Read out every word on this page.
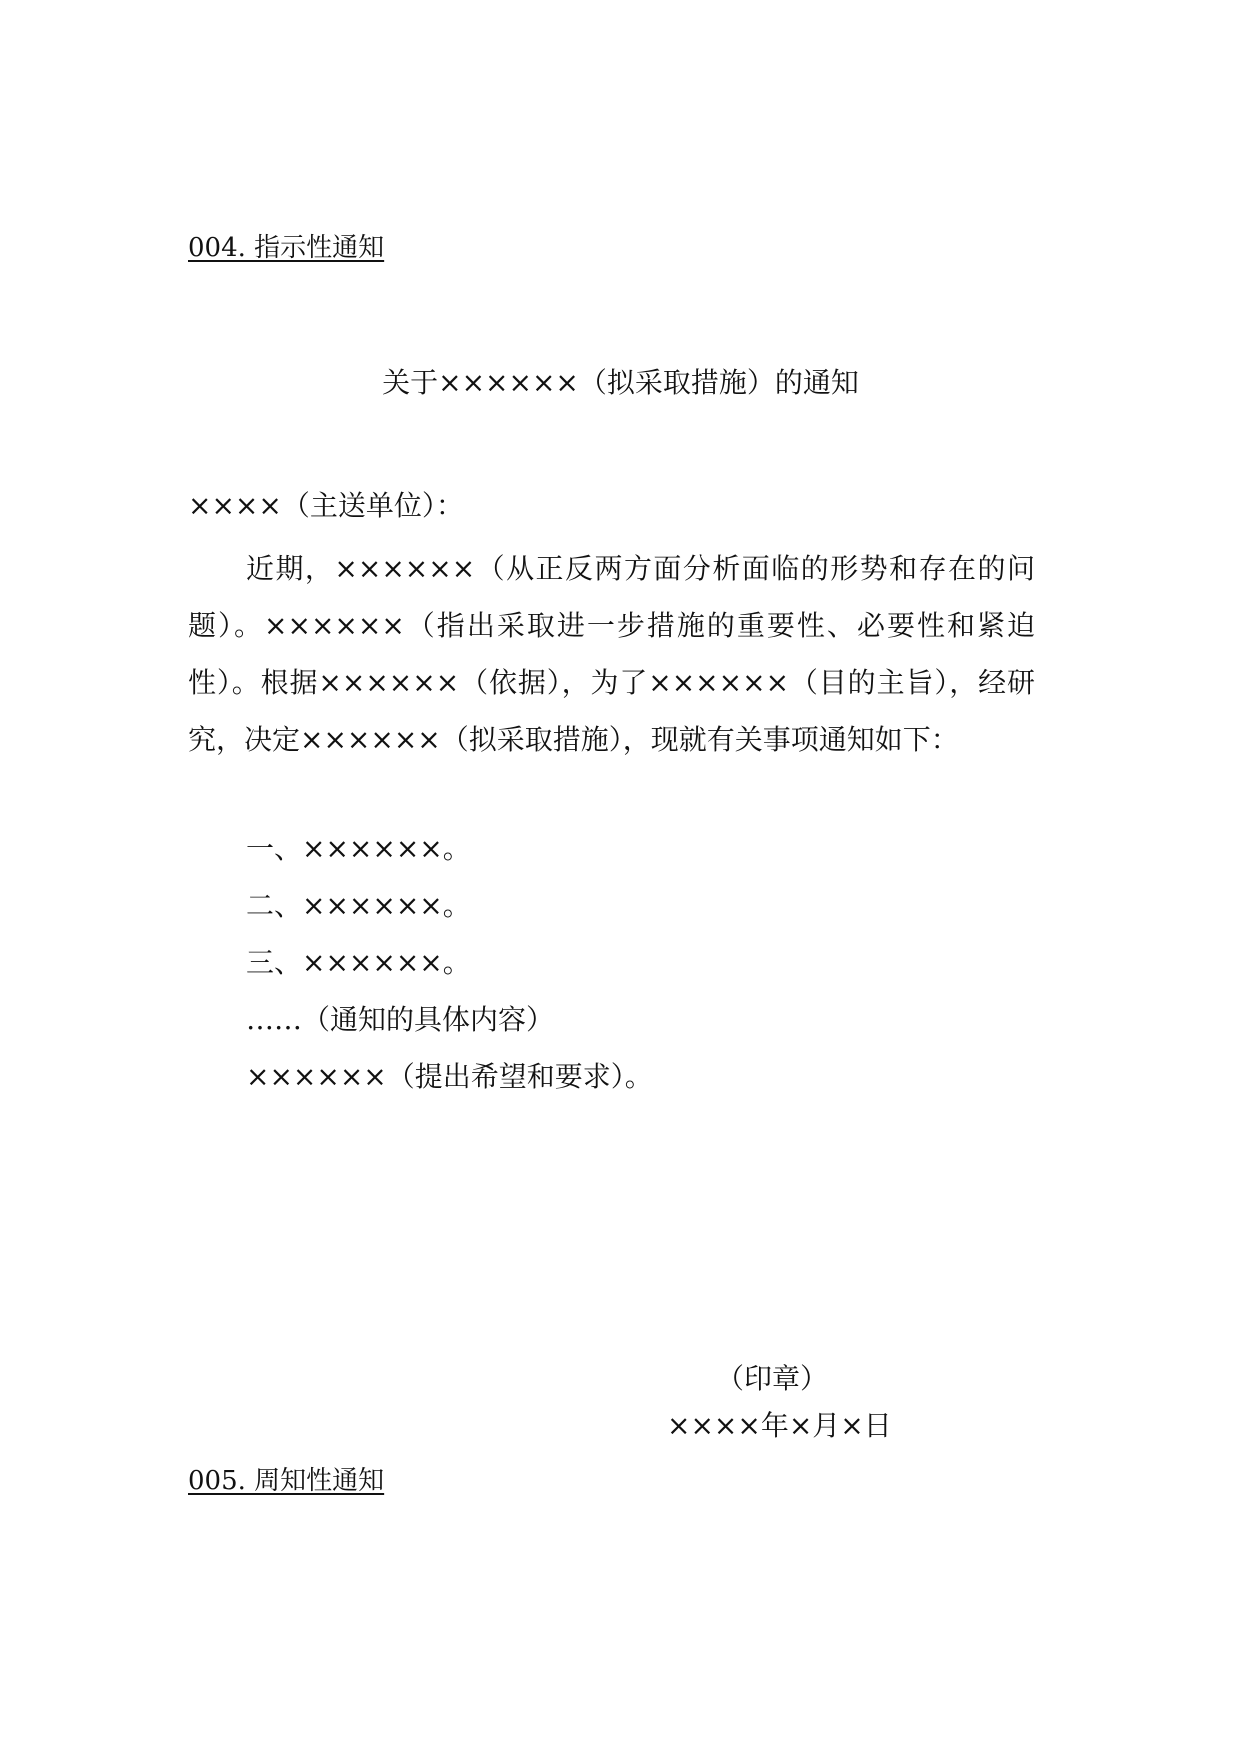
004. 指示性通知
关于××××××（拟采取措施）的通知
××××（主送单位）：
近期，××××××（从正反两方面分析面临的形势和存在的问题）。××××××（指出采取进一步措施的重要性、必要性和紧迫性）。根据××××××（依据），为了××××××（目的主旨），经研究，决定××××××（拟采取措施），现就有关事项通知如下：
一、××××××。
二、××××××。
三、××××××。
……（通知的具体内容）
××××××（提出希望和要求）。
（印章）
××××年×月×日
005. 周知性通知
